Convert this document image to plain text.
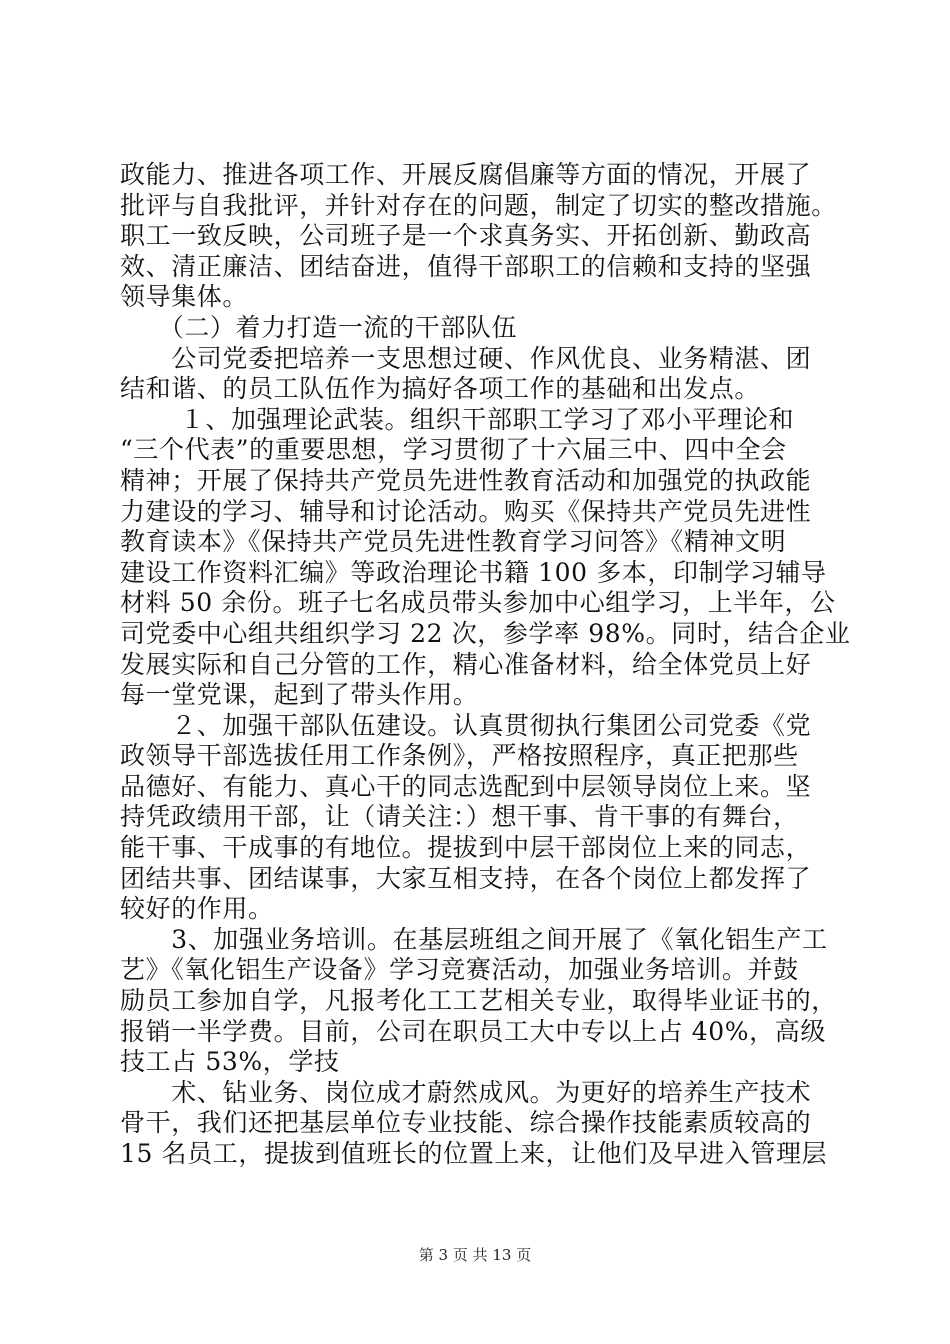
政能力、推进各项工作、开展反腐倡廉等方面的情况，开展了
批评与自我批评，并针对存在的问题，制定了切实的整改措施。
职工一致反映，公司班子是一个求真务实、开拓创新、勤政高
效、清正廉洁、团结奋进，值得干部职工的信赖和支持的坚强
领导集体。
　　（二）着力打造一流的干部队伍
　　公司党委把培养一支思想过硬、作风优良、业务精湛、团
结和谐、的员工队伍作为搞好各项工作的基础和出发点。
　　 １、加强理论武装。组织干部职工学习了邓小平理论和
“三个代表”的重要思想，学习贯彻了十六届三中、四中全会
精神；开展了保持共产党员先进性教育活动和加强党的执政能
力建设的学习、辅导和讨论活动。购买《保持共产党员先进性
教育读本》《保持共产党员先进性教育学习问答》《精神文明
建设工作资料汇编》等政治理论书籍 100 多本，印制学习辅导
材料 50 余份。班子七名成员带头参加中心组学习，上半年，公
司党委中心组共组织学习 22 次，参学率 98%。同时，结合企业
发展实际和自己分管的工作，精心准备材料，给全体党员上好
每一堂党课，起到了带头作用。
　　２、加强干部队伍建设。认真贯彻执行集团公司党委《党
政领导干部选拔任用工作条例》，严格按照程序，真正把那些
品德好、有能力、真心干的同志选配到中层领导岗位上来。坚
持凭政绩用干部，让（请关注：）想干事、肯干事的有舞台，
能干事、干成事的有地位。提拔到中层干部岗位上来的同志，
团结共事、团结谋事，大家互相支持，在各个岗位上都发挥了
较好的作用。
　　3、加强业务培训。在基层班组之间开展了《氧化铝生产工
艺》《氧化铝生产设备》学习竞赛活动，加强业务培训。并鼓
励员工参加自学，凡报考化工工艺相关专业，取得毕业证书的，
报销一半学费。目前，公司在职员工大中专以上占 40%，高级
技工占 53%，学技
　　术、钻业务、岗位成才蔚然成风。为更好的培养生产技术
骨干，我们还把基层单位专业技能、综合操作技能素质较高的
15 名员工，提拔到值班长的位置上来，让他们及早进入管理层
第 3 页 共 13 页
